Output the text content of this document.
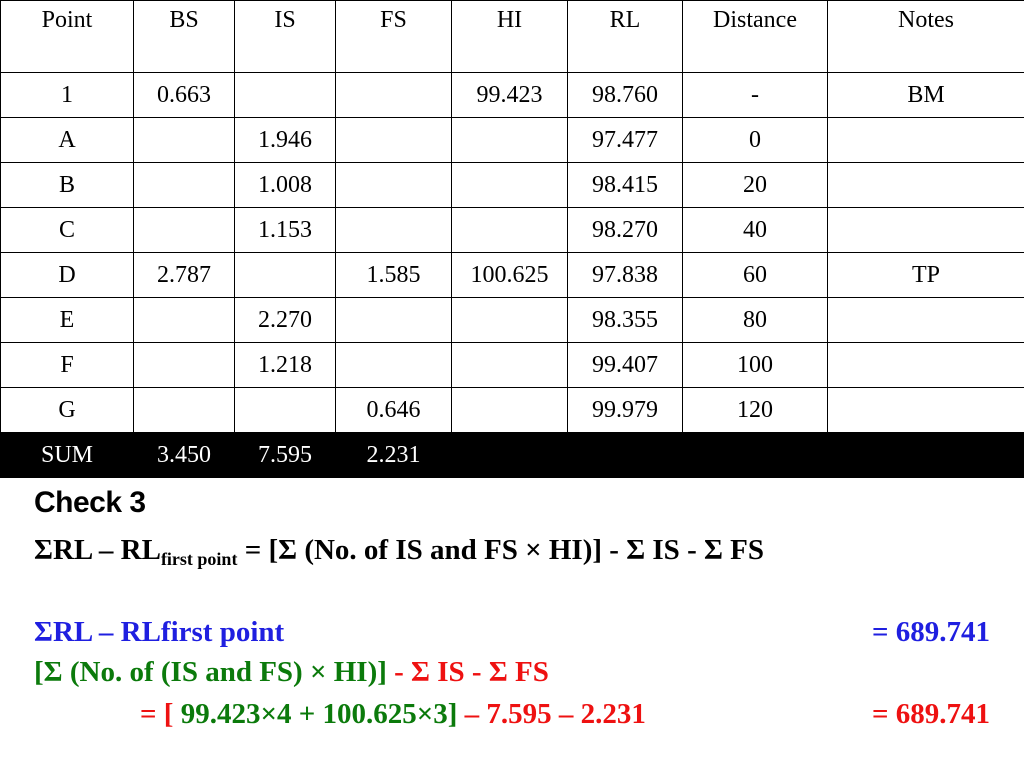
Point	BS	IS	FS	HI	RL	Distance	Notes
1	0.663			99.423	98.760	-	BM
A		1.946			97.477	0	
B		1.008			98.415	20	
C		1.153			98.270	40	
D	2.787		1.585	100.625	97.838	60	TP
E		2.270			98.355	80	
F		1.218			99.407	100	
G			0.646		99.979	120	
SUM	3.450	7.595	2.231				
Check 3
$\Sigma RL - RL_{first point} = [\Sigma$ (No. of IS and FS × HI)] - Σ IS - Σ FS
ΣRL – RLfirst point	= 689.741
[Σ (No. of (IS and FS) × HI)] - Σ IS - Σ FS
= [ 99.423×4 + 100.625×3] – 7.595 – 2.231	= 689.741
